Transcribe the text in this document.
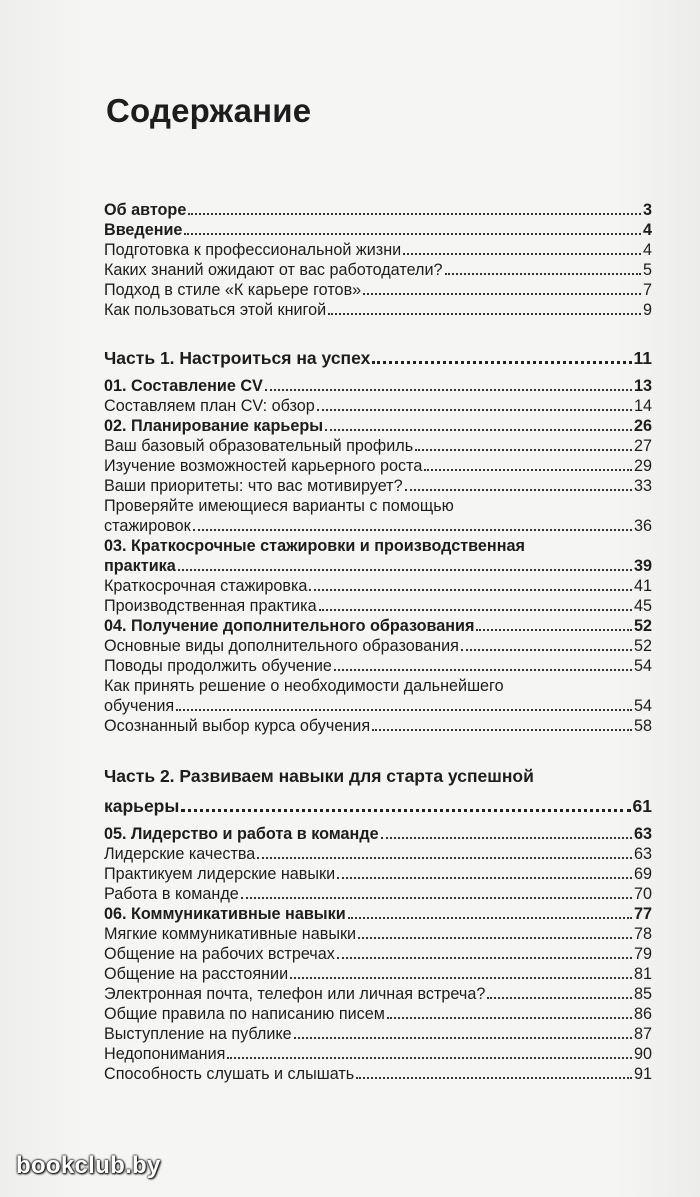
Содержание
Об авторе	3
Введение	4
Подготовка к профессиональной жизни	4
Каких знаний ожидают от вас работодатели?	5
Подход в стиле «К карьере готов»	7
Как пользоваться этой книгой	9
Часть 1. Настроиться на успех	11
01. Составление CV	13
Составляем план CV: обзор	14
02. Планирование карьеры	26
Ваш базовый образовательный профиль	27
Изучение возможностей карьерного роста	29
Ваши приоритеты: что вас мотивирует?	33
Проверяйте имеющиеся варианты с помощью
стажировок	36
03. Краткосрочные стажировки и производственная
практика	39
Краткосрочная стажировка	41
Производственная практика	45
04. Получение дополнительного образования	52
Основные виды дополнительного образования	52
Поводы продолжить обучение	54
Как принять решение о необходимости дальнейшего
обучения	54
Осознанный выбор курса обучения	58
Часть 2. Развиваем навыки для старта успешной
карьеры	61
05. Лидерство и работа в команде	63
Лидерские качества	63
Практикуем лидерские навыки	69
Работа в команде	70
06. Коммуникативные навыки	77
Мягкие коммуникативные навыки	78
Общение на рабочих встречах	79
Общение на расстоянии	81
Электронная почта, телефон или личная встреча?	85
Общие правила по написанию писем	86
Выступление на публике	87
Недопонимания	90
Способность слушать и слышать	91
bookclub.by
